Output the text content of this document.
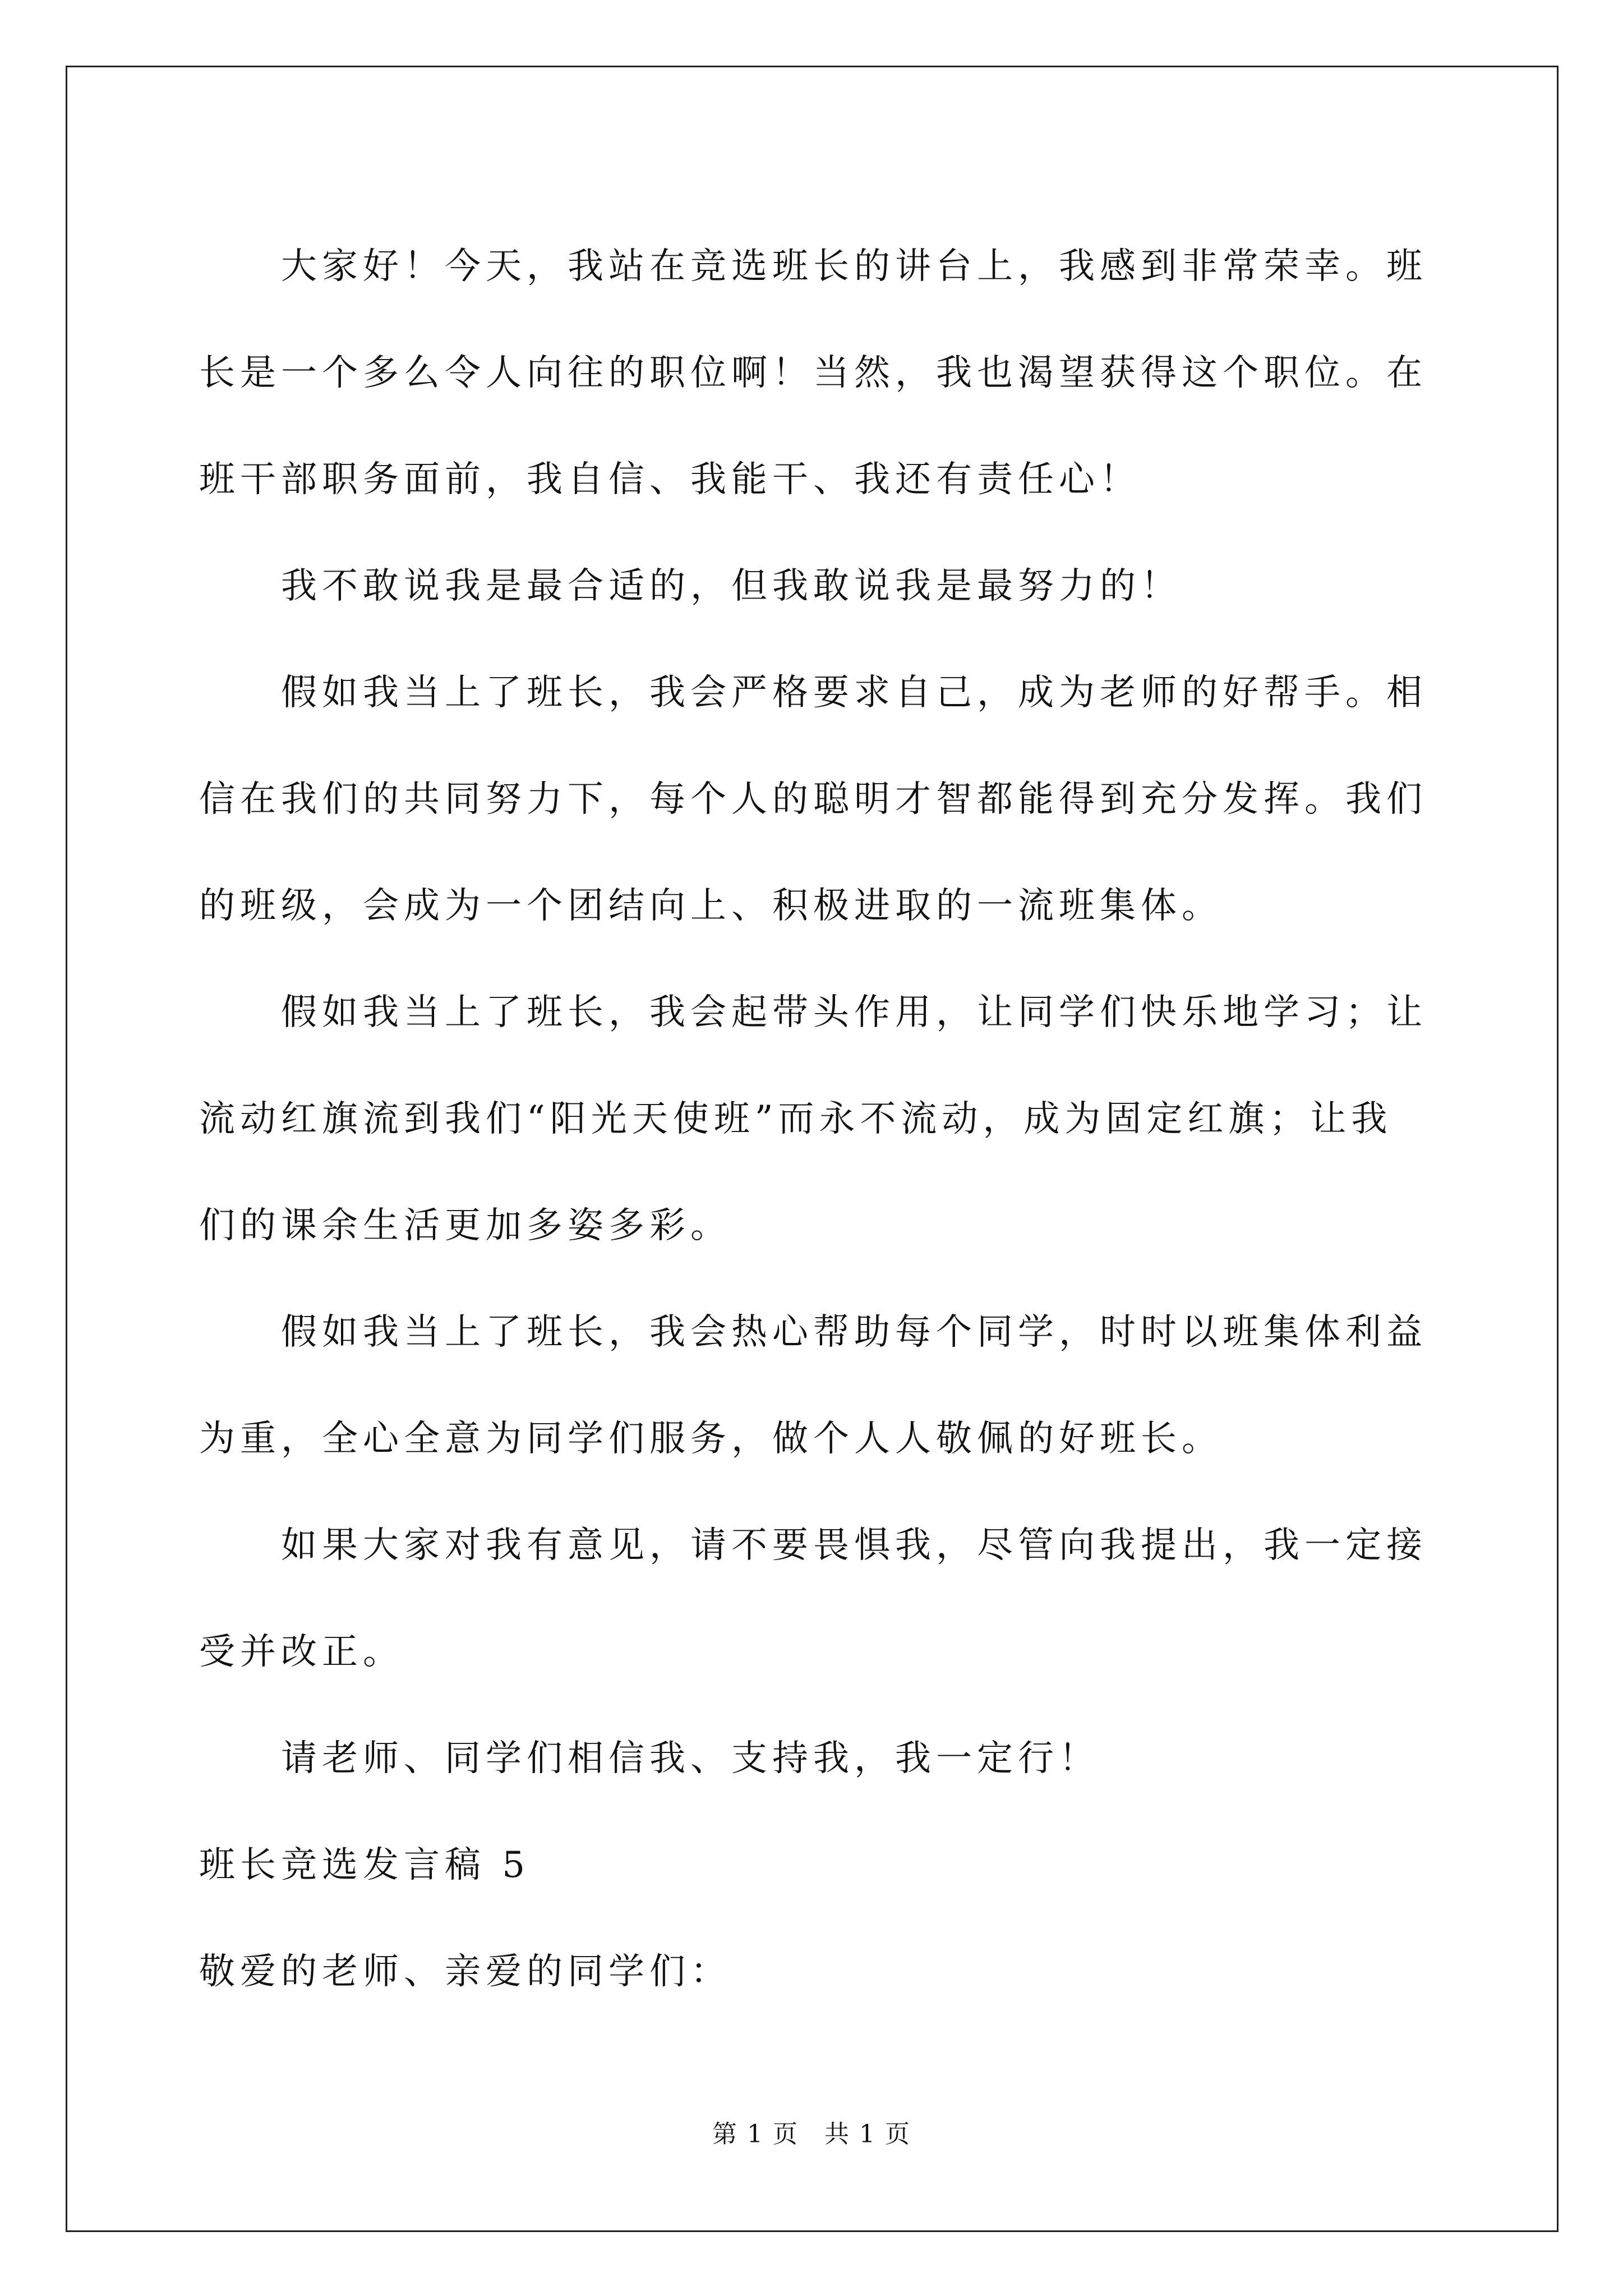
大家好！今天，我站在竞选班长的讲台上，我感到非常荣幸。班长是一个多么令人向往的职位啊！当然，我也渴望获得这个职位。在班干部职务面前，我自信、我能干、我还有责任心！

我不敢说我是最合适的，但我敢说我是最努力的！

假如我当上了班长，我会严格要求自己，成为老师的好帮手。相信在我们的共同努力下，每个人的聪明才智都能得到充分发挥。我们的班级，会成为一个团结向上、积极进取的一流班集体。

假如我当上了班长，我会起带头作用，让同学们快乐地学习；让流动红旗流到我们“阳光天使班”而永不流动，成为固定红旗；让我们的课余生活更加多姿多彩。

假如我当上了班长，我会热心帮助每个同学，时时以班集体利益为重，全心全意为同学们服务，做个人人敬佩的好班长。

如果大家对我有意见，请不要畏惧我，尽管向我提出，我一定接受并改正。

请老师、同学们相信我、支持我，我一定行！

班长竞选发言稿 5

敬爱的老师、亲爱的同学们：

第 1 页　共 1 页
